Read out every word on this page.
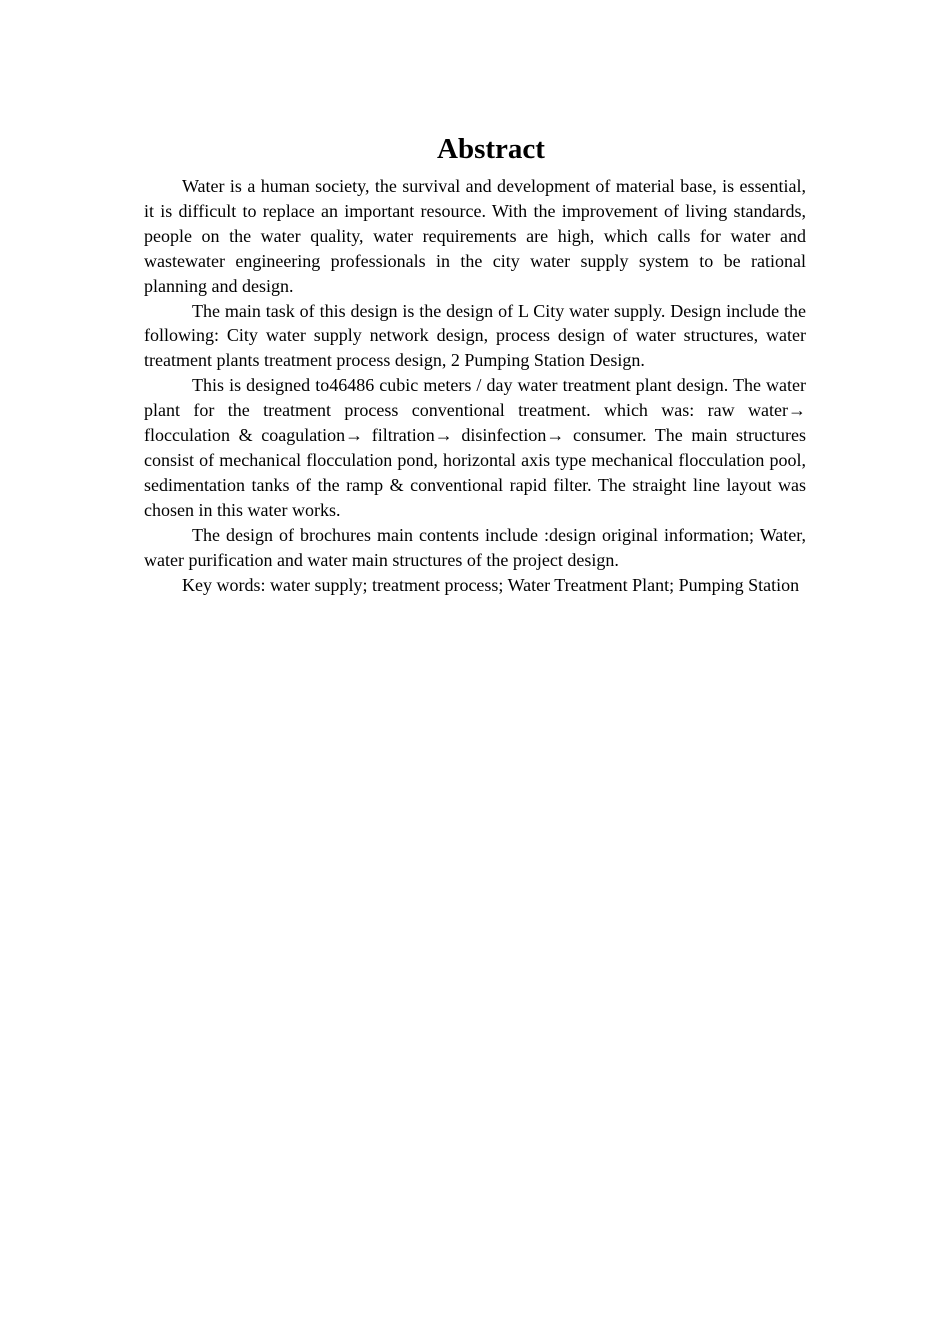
Abstract

Water is a human society, the survival and development of material base, is essential, it is difficult to replace an important resource. With the improvement of living standards, people on the water quality, water requirements are high, which calls for water and wastewater engineering professionals in the city water supply system to be rational planning and design.

The main task of this design is the design of L City water supply. Design include the following: City water supply network design, process design of water structures, water treatment plants treatment process design, 2 Pumping Station Design.

This is designed to46486 cubic meters / day water treatment plant design. The water plant for the treatment process conventional treatment. which was: raw water→ flocculation & coagulation→ filtration→ disinfection→ consumer. The main structures consist of mechanical flocculation pond, horizontal axis type mechanical flocculation pool, sedimentation tanks of the ramp & conventional rapid filter. The straight line layout was chosen in this water works.

The design of brochures main contents include :design original information; Water, water purification and water main structures of the project design.

Key words: water supply; treatment process; Water Treatment Plant; Pumping Station
